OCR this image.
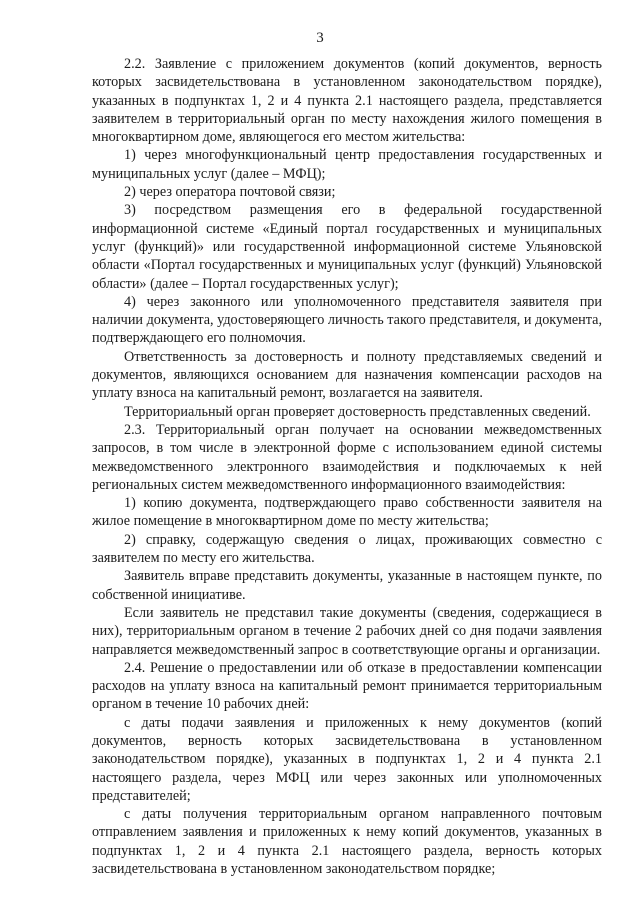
3

2.2. Заявление с приложением документов (копий документов, верность которых засвидетельствована в установленном законодательством порядке), указанных в подпунктах 1, 2 и 4 пункта 2.1 настоящего раздела, представляется заявителем в территориальный орган по месту нахождения жилого помещения в многоквартирном доме, являющегося его местом жительства:

1) через многофункциональный центр предоставления государственных и муниципальных услуг (далее – МФЦ);

2) через оператора почтовой связи;

3) посредством размещения его в федеральной государственной информационной системе «Единый портал государственных и муниципальных услуг (функций)» или государственной информационной системе Ульяновской области «Портал государственных и муниципальных услуг (функций) Ульяновской области» (далее – Портал государственных услуг);

4) через законного или уполномоченного представителя заявителя при наличии документа, удостоверяющего личность такого представителя, и документа, подтверждающего его полномочия.

Ответственность за достоверность и полноту представляемых сведений и документов, являющихся основанием для назначения компенсации расходов на уплату взноса на капитальный ремонт, возлагается на заявителя.

Территориальный орган проверяет достоверность представленных сведений.

2.3. Территориальный орган получает на основании межведомственных запросов, в том числе в электронной форме с использованием единой системы межведомственного электронного взаимодействия и подключаемых к ней региональных систем межведомственного информационного взаимодействия:

1) копию документа, подтверждающего право собственности заявителя на жилое помещение в многоквартирном доме по месту жительства;

2) справку, содержащую сведения о лицах, проживающих совместно с заявителем по месту его жительства.

Заявитель вправе представить документы, указанные в настоящем пункте, по собственной инициативе.

Если заявитель не представил такие документы (сведения, содержащиеся в них), территориальным органом в течение 2 рабочих дней со дня подачи заявления направляется межведомственный запрос в соответствующие органы и организации.

2.4. Решение о предоставлении или об отказе в предоставлении компенсации расходов на уплату взноса на капитальный ремонт принимается территориальным органом в течение 10 рабочих дней:

с даты подачи заявления и приложенных к нему документов (копий документов, верность которых засвидетельствована в установленном законодательством порядке), указанных в подпунктах 1, 2 и 4 пункта 2.1 настоящего раздела, через МФЦ или через законных или уполномоченных представителей;

с даты получения территориальным органом направленного почтовым отправлением заявления и приложенных к нему копий документов, указанных в подпунктах 1, 2 и 4 пункта 2.1 настоящего раздела, верность которых засвидетельствована в установленном законодательством порядке;
